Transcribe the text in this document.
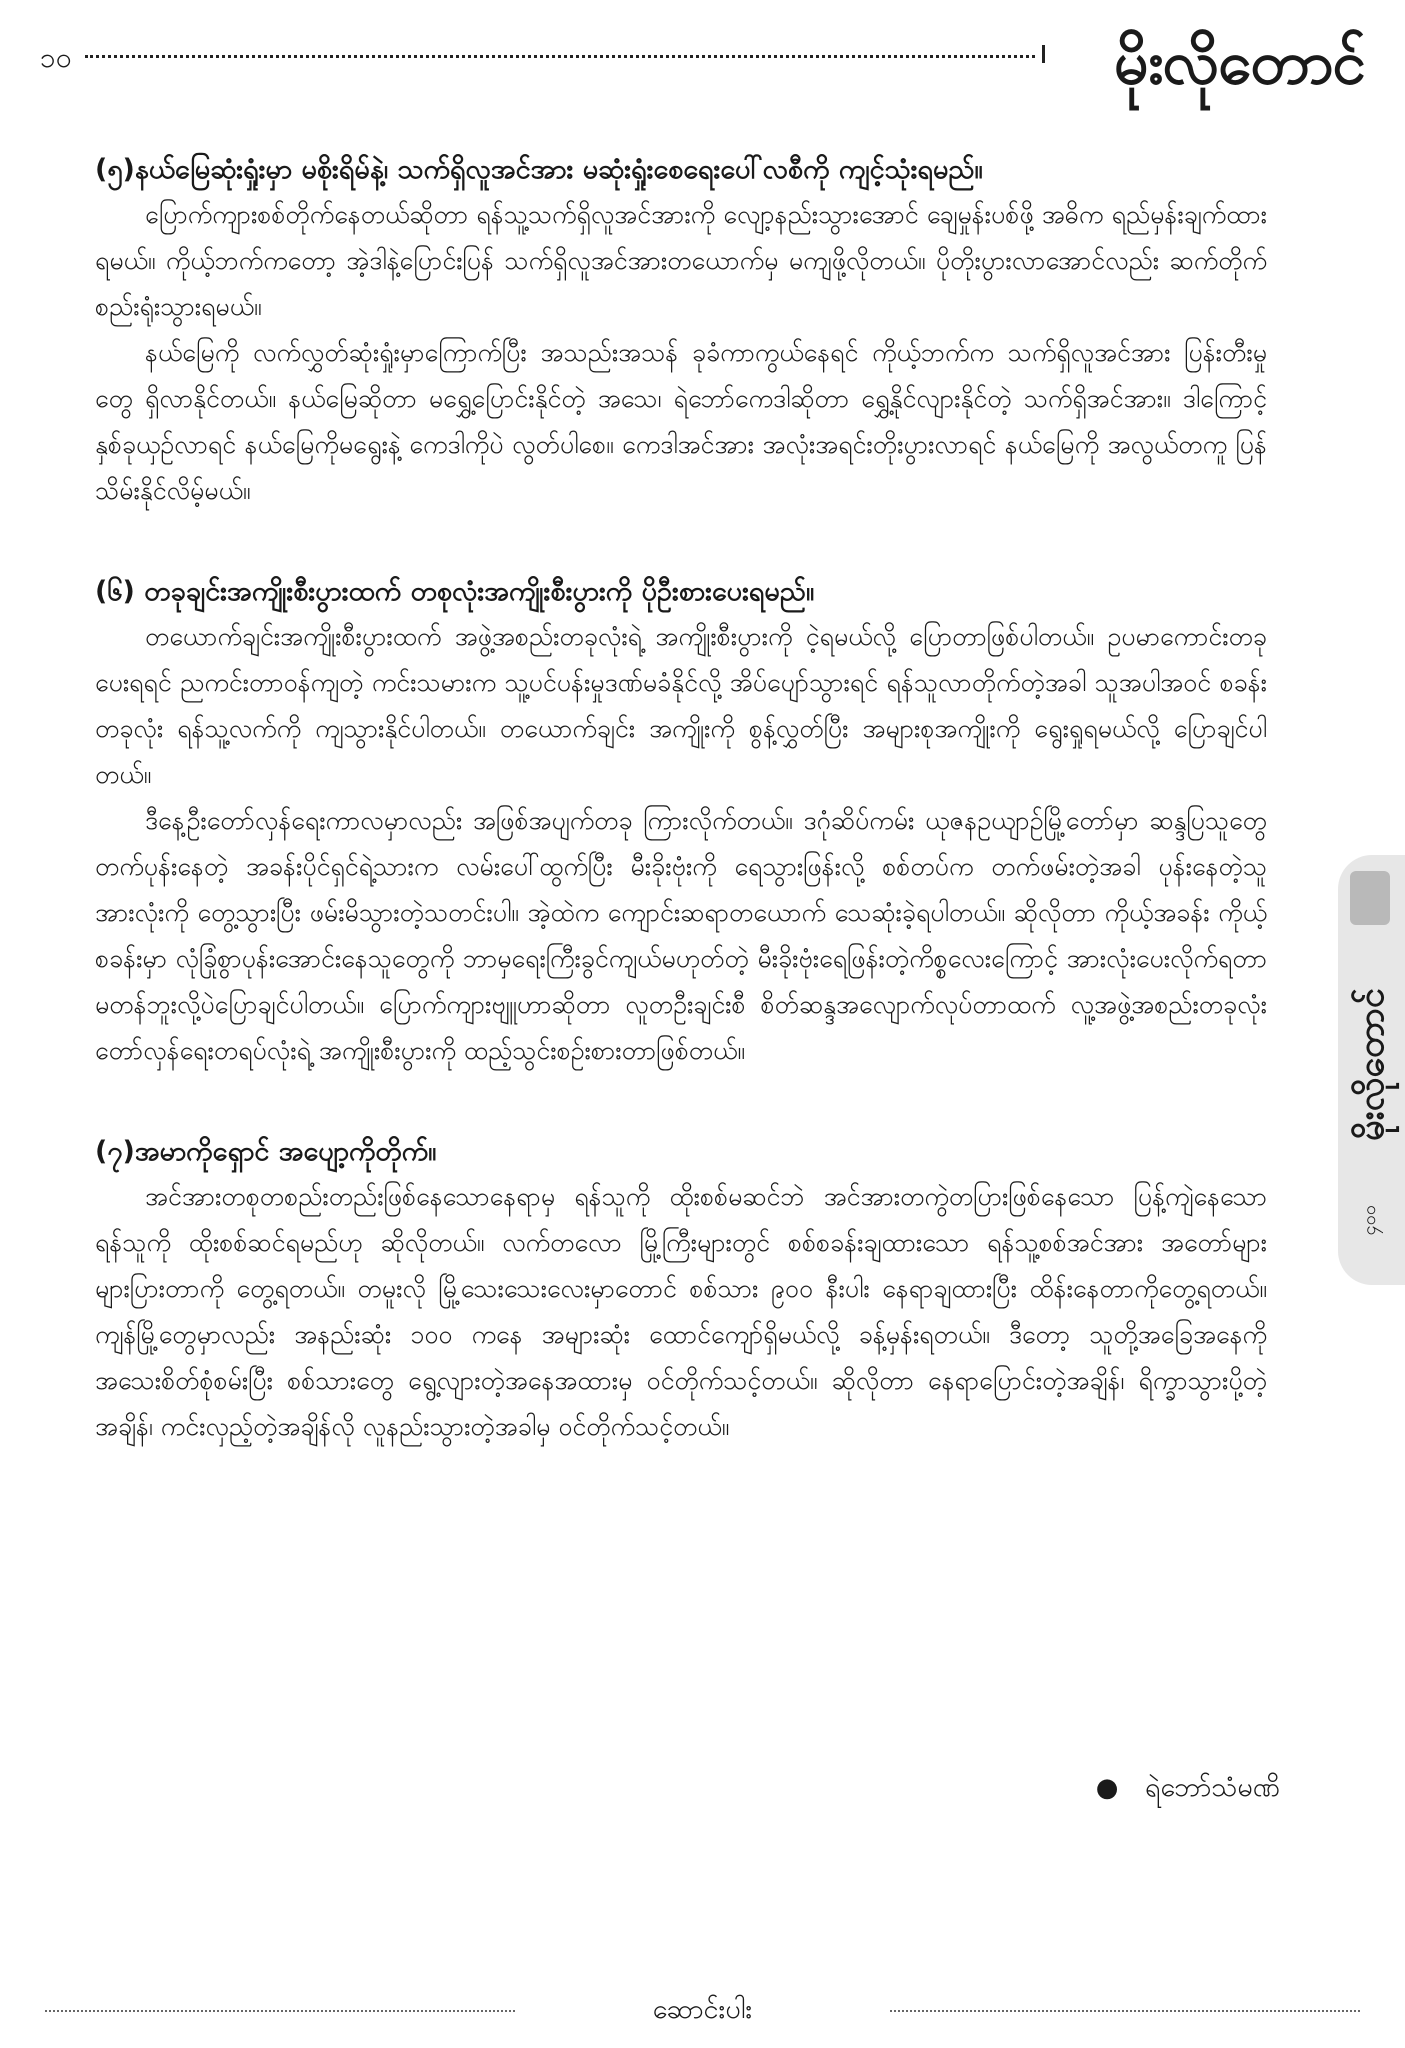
၁၀	မိုးလိုတောင်

(၅)နယ်မြေဆုံးရှုံးမှာ မစိုးရိမ်နဲ့၊ သက်ရှိလူအင်အား မဆုံးရှုံးစေရေးပေါ်လစီကို ကျင့်သုံးရမည်။

ပြောက်ကျားစစ်တိုက်နေတယ်ဆိုတာ ရန်သူ့သက်ရှိလူအင်အားကို လျော့နည်းသွားအောင် ချေမှုန်းပစ်ဖို့ အဓိက ရည်မှန်းချက်ထားရမယ်။ ကိုယ့်ဘက်ကတော့ အဲ့ဒါနဲ့ပြောင်းပြန် သက်ရှိလူအင်အားတယောက်မှ မကျဖို့လိုတယ်။ ပိုတိုးပွားလာအောင်လည်း ဆက်တိုက်စည်းရုံးသွားရမယ်။

နယ်မြေကို လက်လွှတ်ဆုံးရှုံးမှာကြောက်ပြီး အသည်းအသန် ခုခံကာကွယ်နေရင် ကိုယ့်ဘက်က သက်ရှိလူအင်အား ပြန်းတီးမှုတွေ ရှိလာနိုင်တယ်။ နယ်မြေဆိုတာ မရွှေ့ပြောင်းနိုင်တဲ့ အသေ၊ ရဲဘော်ကေဒါဆိုတာ ရွှေ့နိုင်လျားနိုင်တဲ့ သက်ရှိအင်အား။ ဒါကြောင့် နှစ်ခုယှဉ်လာရင် နယ်မြေကိုမရွေးနဲ့ ကေဒါကိုပဲ လွတ်ပါစေ။ ကေဒါအင်အား အလုံးအရင်းတိုးပွားလာရင် နယ်မြေကို အလွယ်တကူ ပြန်သိမ်းနိုင်လိမ့်မယ်။

(၆) တခုချင်းအကျိုးစီးပွားထက် တစုလုံးအကျိုးစီးပွားကို ပိုဦးစားပေးရမည်။

တယောက်ချင်းအကျိုးစီးပွားထက် အဖွဲ့အစည်းတခုလုံးရဲ့ အကျိုးစီးပွားကို ငဲ့ရမယ်လို့ ပြောတာဖြစ်ပါတယ်။ ဥပမာကောင်းတခုပေးရရင် ညကင်းတာဝန်ကျတဲ့ ကင်းသမားက သူ့ပင်ပန်းမှုဒဏ်မခံနိုင်လို့ အိပ်ပျော်သွားရင် ရန်သူလာတိုက်တဲ့အခါ သူအပါအဝင် စခန်းတခုလုံး ရန်သူ့လက်ကို ကျသွားနိုင်ပါတယ်။ တယောက်ချင်း အကျိုးကို စွန့်လွှတ်ပြီး အများစုအကျိုးကို ရွေးရှုရမယ်လို့ ပြောချင်ပါတယ်။

ဒီနေ့ဦးတော်လှန်ရေးကာလမှာလည်း အဖြစ်အပျက်တခု ကြားလိုက်တယ်။ ဒဂုံဆိပ်ကမ်း ယုဇနဥယျာဉ်မြို့တော်မှာ ဆန္ဒပြသူတွေ တက်ပုန်းနေတဲ့ အခန်းပိုင်ရှင်ရဲ့သားက လမ်းပေါ်ထွက်ပြီး မီးခိုးဗုံးကို ရေသွားဖြန်းလို့ စစ်တပ်က တက်ဖမ်းတဲ့အခါ ပုန်းနေတဲ့သူအားလုံးကို တွေ့သွားပြီး ဖမ်းမိသွားတဲ့သတင်းပါ။ အဲ့ထဲက ကျောင်းဆရာတယောက် သေဆုံးခဲ့ရပါတယ်။ ဆိုလိုတာ ကိုယ့်အခန်း ကိုယ့်စခန်းမှာ လုံခြုံစွာပုန်းအောင်းနေသူတွေကို ဘာမှရေးကြီးခွင်ကျယ်မဟုတ်တဲ့ မီးခိုးဗုံးရေဖြန်းတဲ့ကိစ္စလေးကြောင့် အားလုံးပေးလိုက်ရတာ မတန်ဘူးလို့ပဲပြောချင်ပါတယ်။ ပြောက်ကျားဗျူဟာဆိုတာ လူတဦးချင်းစီ စိတ်ဆန္ဒအလျောက်လုပ်တာထက် လူ့အဖွဲ့အစည်းတခုလုံး တော်လှန်ရေးတရပ်လုံးရဲ့ အကျိုးစီးပွားကို ထည့်သွင်းစဉ်းစားတာဖြစ်တယ်။

(၇)အမာကိုရှောင် အပျော့ကိုတိုက်။

အင်အားတစုတစည်းတည်းဖြစ်နေသောနေရာမှ ရန်သူကို ထိုးစစ်မဆင်ဘဲ အင်အားတကွဲတပြားဖြစ်နေသော ပြန့်ကျဲနေသောရန်သူကို ထိုးစစ်ဆင်ရမည်ဟု ဆိုလိုတယ်။ လက်တလော မြို့ကြီးများတွင် စစ်စခန်းချထားသော ရန်သူ့စစ်အင်အား အတော်များများပြားတာကို တွေ့ရတယ်။ တမူးလို မြို့သေးသေးလေးမှာတောင် စစ်သား ၉၀၀ နီးပါး နေရာချထားပြီး ထိန်းနေတာကိုတွေ့ရတယ်။ ကျန်မြို့တွေမှာလည်း အနည်းဆုံး ၁၀၀ ကနေ အများဆုံး ထောင်ကျော်ရှိမယ်လို့ ခန့်မှန်းရတယ်။ ဒီတော့ သူတို့အခြေအနေကို အသေးစိတ်စုံစမ်းပြီး စစ်သားတွေ ရွေ့လျားတဲ့အနေအထားမှ ဝင်တိုက်သင့်တယ်။ ဆိုလိုတာ နေရာပြောင်းတဲ့အချိန်၊ ရိက္ခာသွားပို့တဲ့အချိန်၊ ကင်းလှည့်တဲ့အချိန်လို လူနည်းသွားတဲ့အခါမှ ဝင်တိုက်သင့်တယ်။

● ရဲဘော်သံမဏိ
မိုးလိုတောင်
၄၀၀
ဆောင်းပါး
